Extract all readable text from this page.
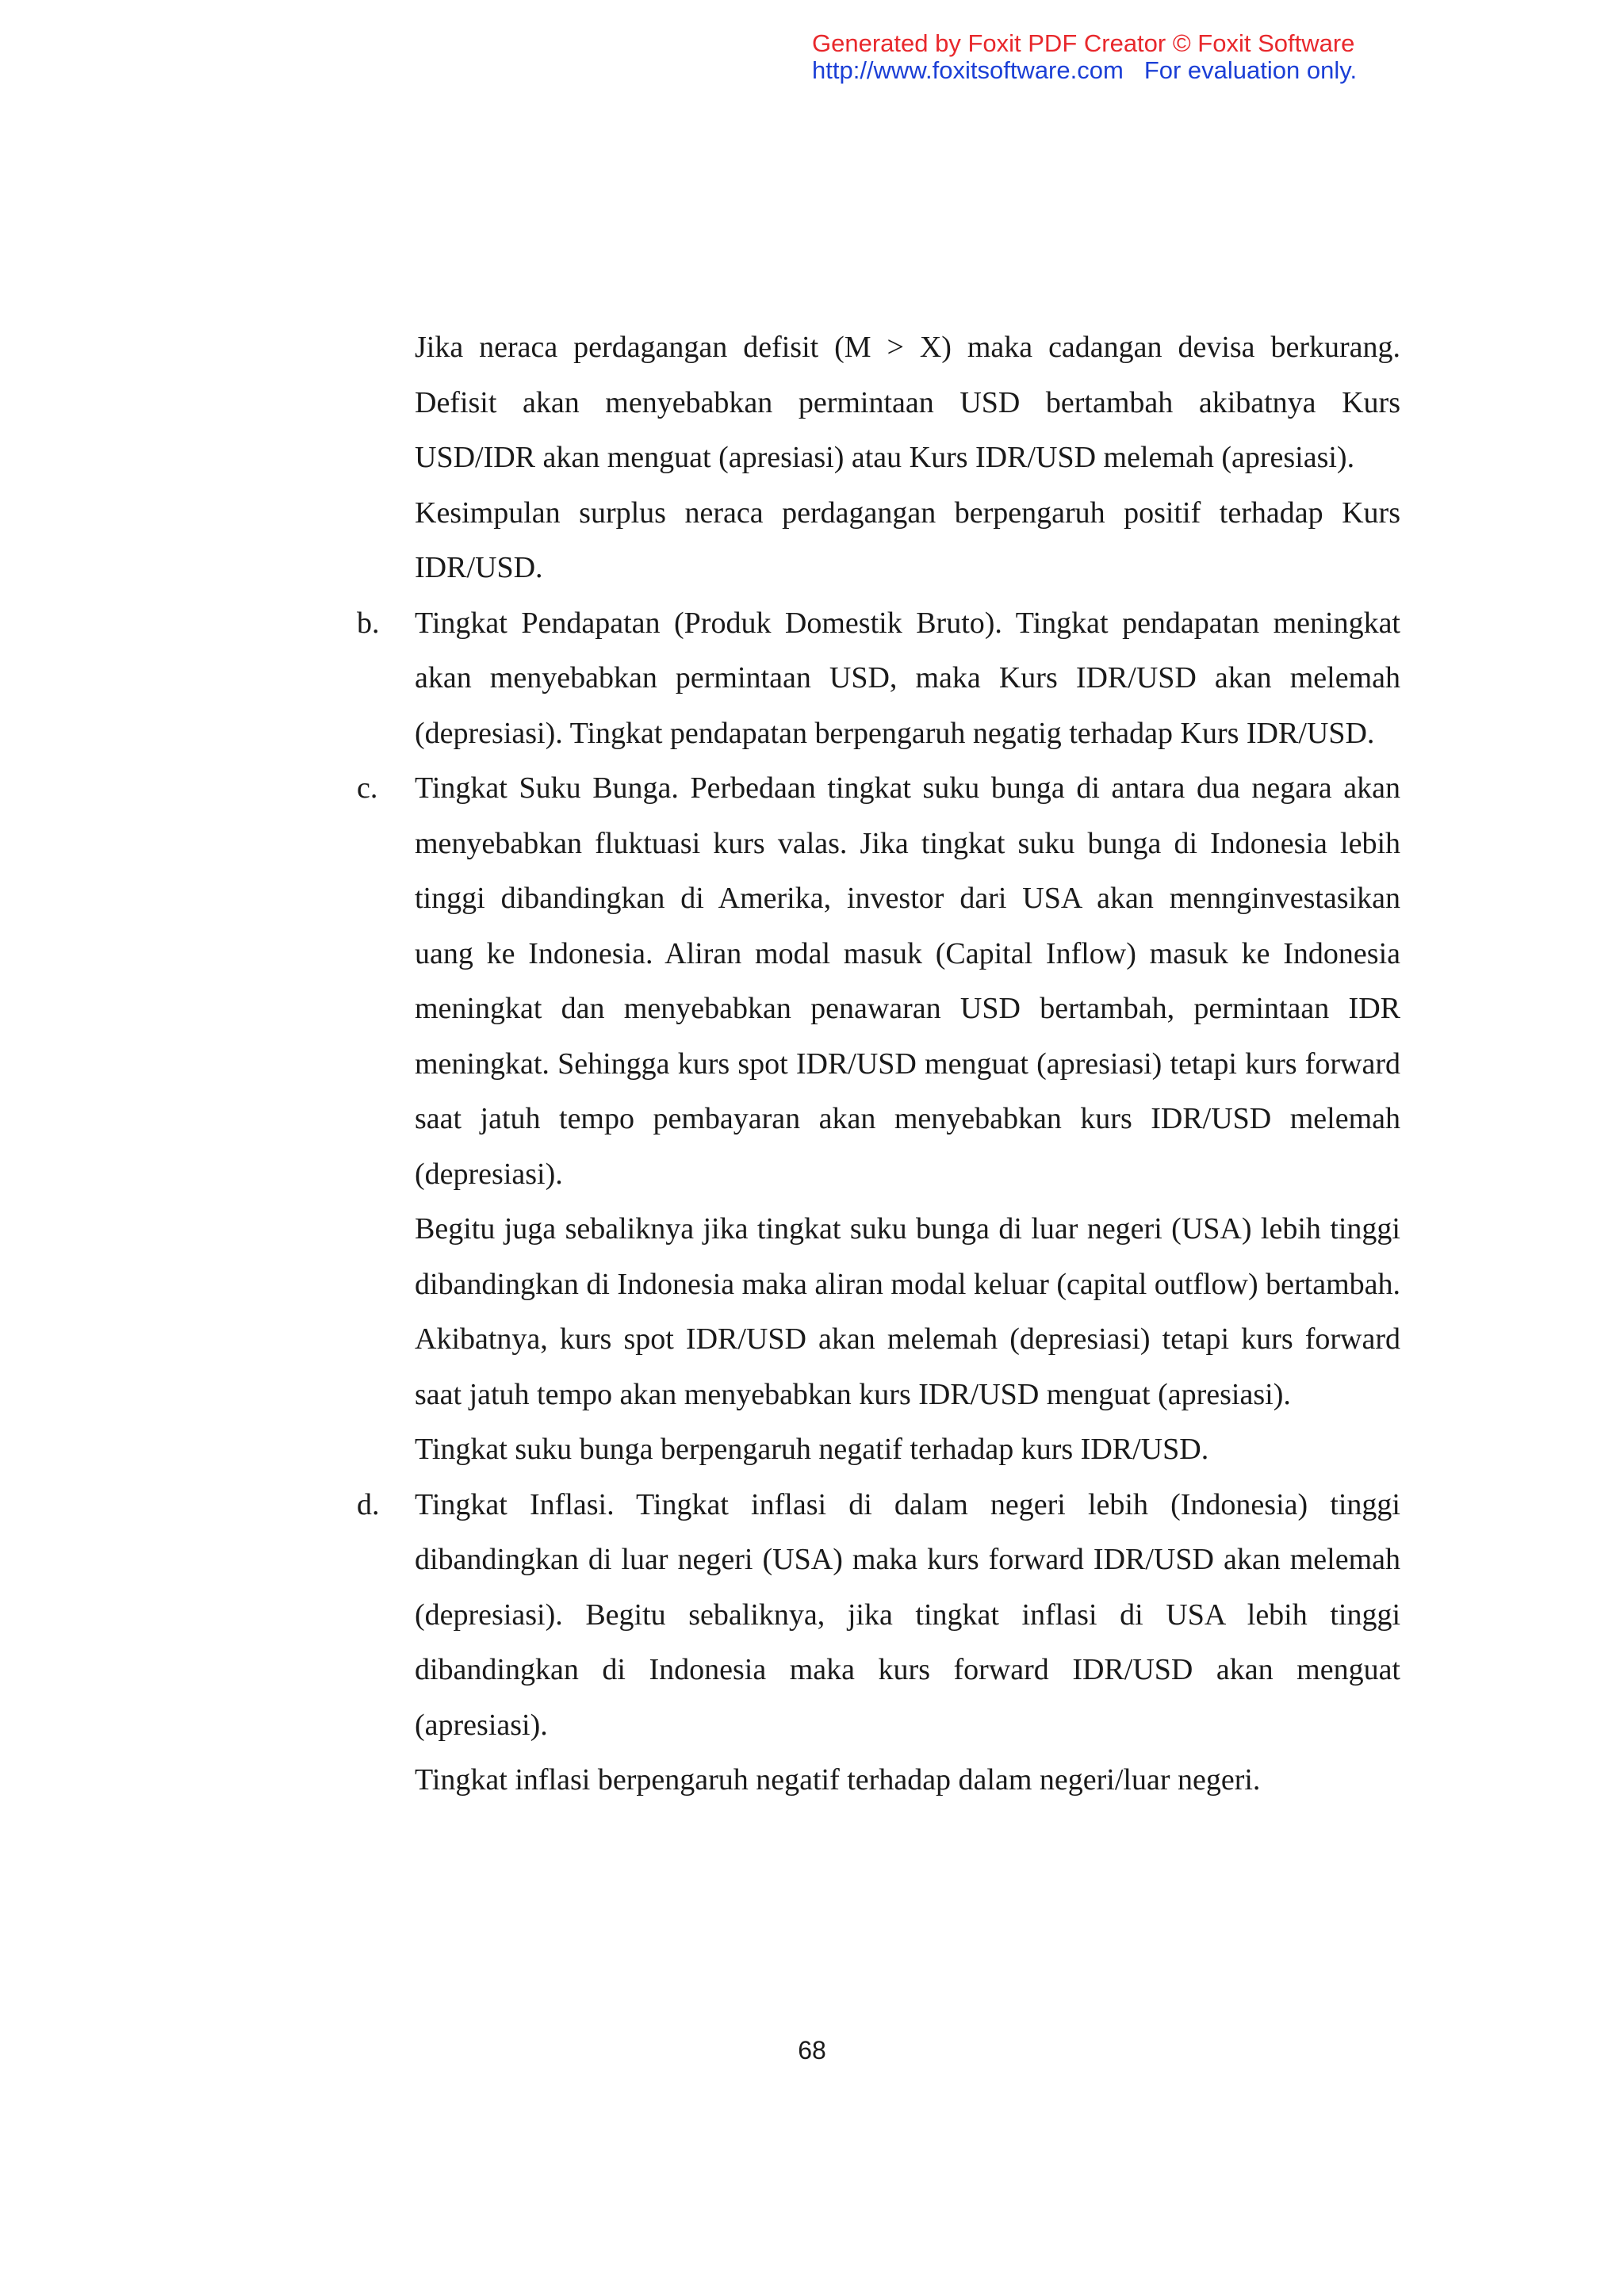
Generated by Foxit PDF Creator © Foxit Software
http://www.foxitsoftware.com For evaluation only.

Jika neraca perdagangan defisit (M > X) maka cadangan devisa berkurang. Defisit akan menyebabkan permintaan USD bertambah akibatnya Kurs USD/IDR akan menguat (apresiasi) atau Kurs IDR/USD melemah (apresiasi).

Kesimpulan surplus neraca perdagangan berpengaruh positif terhadap Kurs IDR/USD.

b. Tingkat Pendapatan (Produk Domestik Bruto). Tingkat pendapatan meningkat akan menyebabkan permintaan USD, maka Kurs IDR/USD akan melemah (depresiasi). Tingkat pendapatan berpengaruh negatig terhadap Kurs IDR/USD.
c. Tingkat Suku Bunga. Perbedaan tingkat suku bunga di antara dua negara akan menyebabkan fluktuasi kurs valas. Jika tingkat suku bunga di Indonesia lebih tinggi dibandingkan di Amerika, investor dari USA akan mennginvestasikan uang ke Indonesia. Aliran modal masuk (Capital Inflow) masuk ke Indonesia meningkat dan menyebabkan penawaran USD bertambah, permintaan IDR meningkat. Sehingga kurs spot IDR/USD menguat (apresiasi) tetapi kurs forward saat jatuh tempo pembayaran akan menyebabkan kurs IDR/USD melemah (depresiasi).
Begitu juga sebaliknya jika tingkat suku bunga di luar negeri (USA) lebih tinggi dibandingkan di Indonesia maka aliran modal keluar (capital outflow) bertambah. Akibatnya, kurs spot IDR/USD akan melemah (depresiasi) tetapi kurs forward saat jatuh tempo akan menyebabkan kurs IDR/USD menguat (apresiasi).
Tingkat suku bunga berpengaruh negatif terhadap kurs IDR/USD.
d. Tingkat Inflasi. Tingkat inflasi di dalam negeri lebih (Indonesia) tinggi dibandingkan di luar negeri (USA) maka kurs forward IDR/USD akan melemah (depresiasi). Begitu sebaliknya, jika tingkat inflasi di USA lebih tinggi dibandingkan di Indonesia maka kurs forward IDR/USD akan menguat (apresiasi).
Tingkat inflasi berpengaruh negatif terhadap dalam negeri/luar negeri.
68
